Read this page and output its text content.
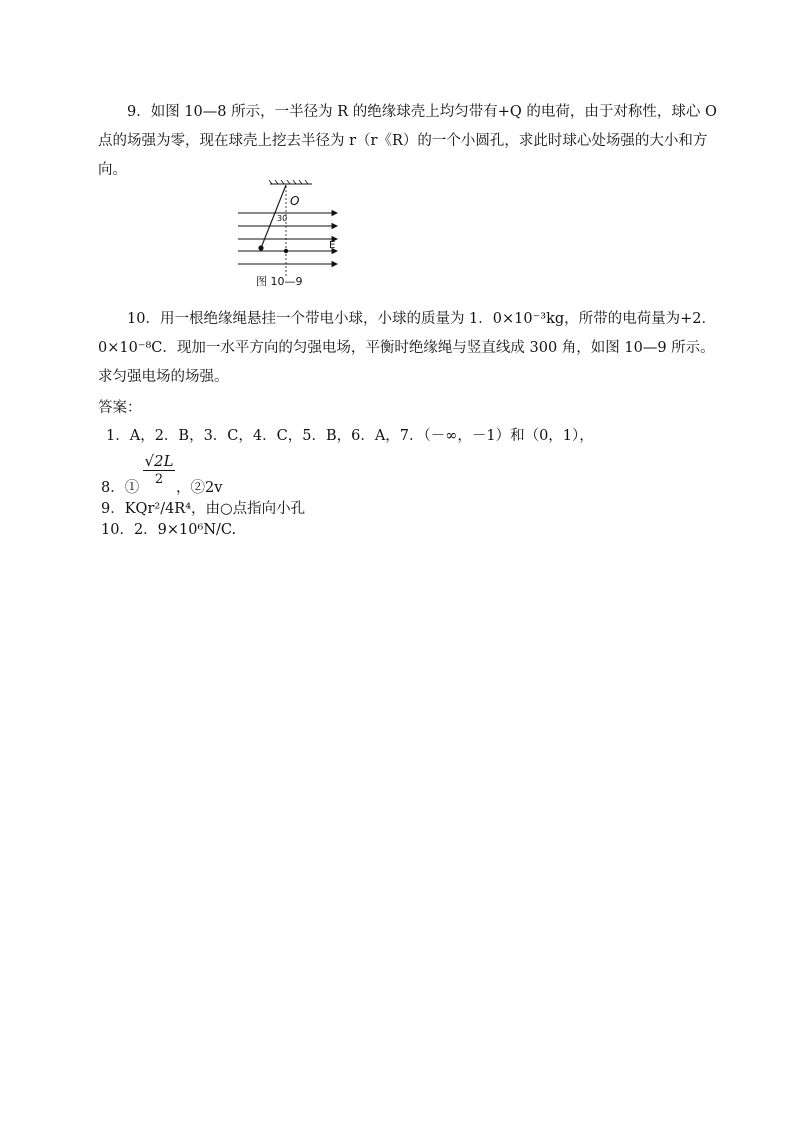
9．如图 10—8 所示，一半径为 R 的绝缘球壳上均匀带有+Q 的电荷，由于对称性，球心 O 点的场强为零，现在球壳上挖去半径为 r（r《R）的一个小圆孔，求此时球心处场强的大小和方向。

O
30
E
图 10—9

10．用一根绝缘绳悬挂一个带电小球，小球的质量为 1．0×10⁻³kg，所带的电荷量为+2．0×10⁻⁸C．现加一水平方向的匀强电场，平衡时绝缘绳与竖直线成 300 角，如图 10—9 所示。求匀强电场的场强。

答案：
1．A，2．B，3．C，4．C，5．B，6．A，7．（－∞，－1）和（0，1），
$\frac{√2L}{2}$
8．①	，②2v
9．KQr²/4R⁴，由○点指向小孔
10．2．9×10⁶N/C.
